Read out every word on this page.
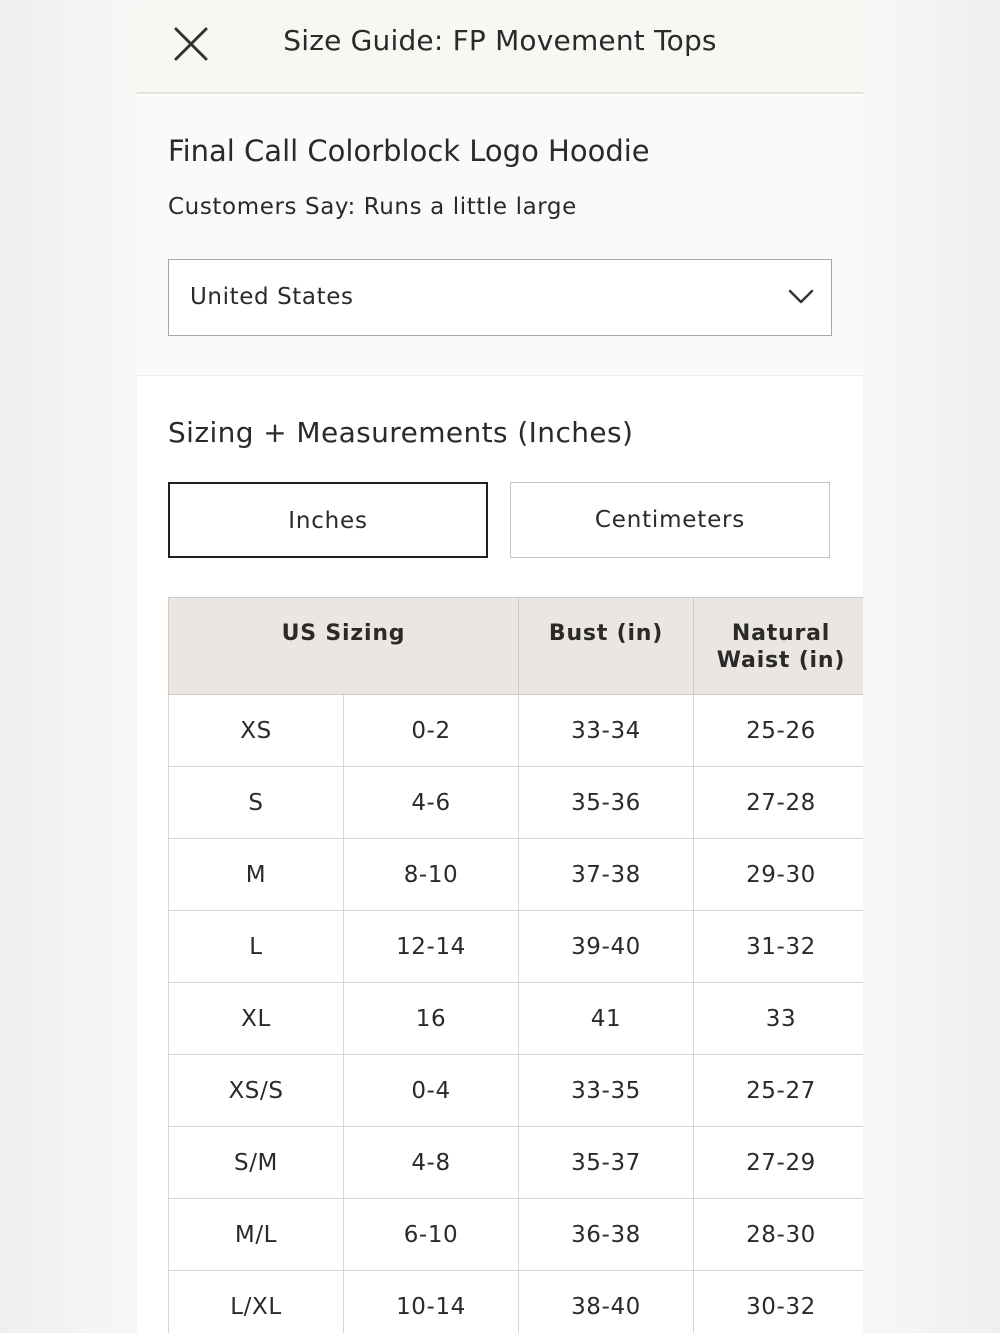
Size Guide: FP Movement Tops
Final Call Colorblock Logo Hoodie
Customers Say: Runs a little large
United States
Sizing + Measurements (Inches)
Inches	Centimeters
US Sizing		Bust (in)	Natural
Waist (in)
XS	0-2	33-34	25-26
S	4-6	35-36	27-28
M	8-10	37-38	29-30
L	12-14	39-40	31-32
XL	16	41	33
XS/S	0-4	33-35	25-27
S/M	4-8	35-37	27-29
M/L	6-10	36-38	28-30
L/XL	10-14	38-40	30-32
